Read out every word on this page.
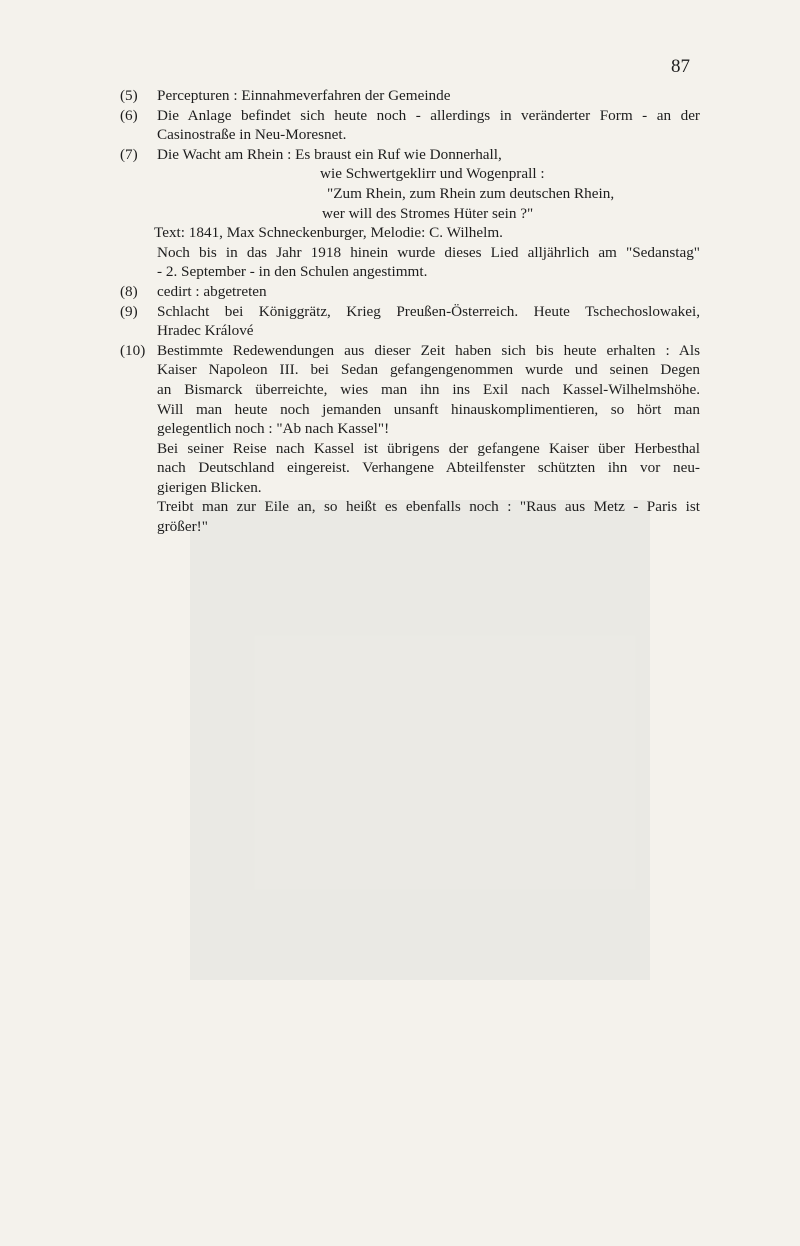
87
(5)	Percepturen : Einnahmeverfahren der Gemeinde
(6)	Die Anlage befindet sich heute noch - allerdings in veränderter Form - an der
Casinostraße in Neu-Moresnet.
(7)	Die Wacht am Rhein : Es braust ein Ruf wie Donnerhall,
wie Schwertgeklirr und Wogenprall :
"Zum Rhein, zum Rhein zum deutschen Rhein,
wer will des Stromes Hüter sein ?"
Text: 1841, Max Schneckenburger, Melodie: C. Wilhelm.
Noch bis in das Jahr 1918 hinein wurde dieses Lied alljährlich am "Sedanstag"
- 2. September - in den Schulen angestimmt.
(8)	cedirt : abgetreten
(9)	Schlacht bei Königgrätz, Krieg Preußen-Österreich. Heute Tschechoslowakei,
Hradec Králové
(10) Bestimmte Redewendungen aus dieser Zeit haben sich bis heute erhalten : Als
Kaiser Napoleon III. bei Sedan gefangengenommen wurde und seinen Degen
an Bismarck überreichte, wies man ihn ins Exil nach Kassel-Wilhelmshöhe.
Will man heute noch jemanden unsanft hinauskomplimentieren, so hört man
gelegentlich noch : "Ab nach Kassel"!
Bei seiner Reise nach Kassel ist übrigens der gefangene Kaiser über Herbesthal
nach Deutschland eingereist. Verhangene Abteilfenster schützten ihn vor neu-
gierigen Blicken.
Treibt man zur Eile an, so heißt es ebenfalls noch : "Raus aus Metz - Paris ist
größer!"
